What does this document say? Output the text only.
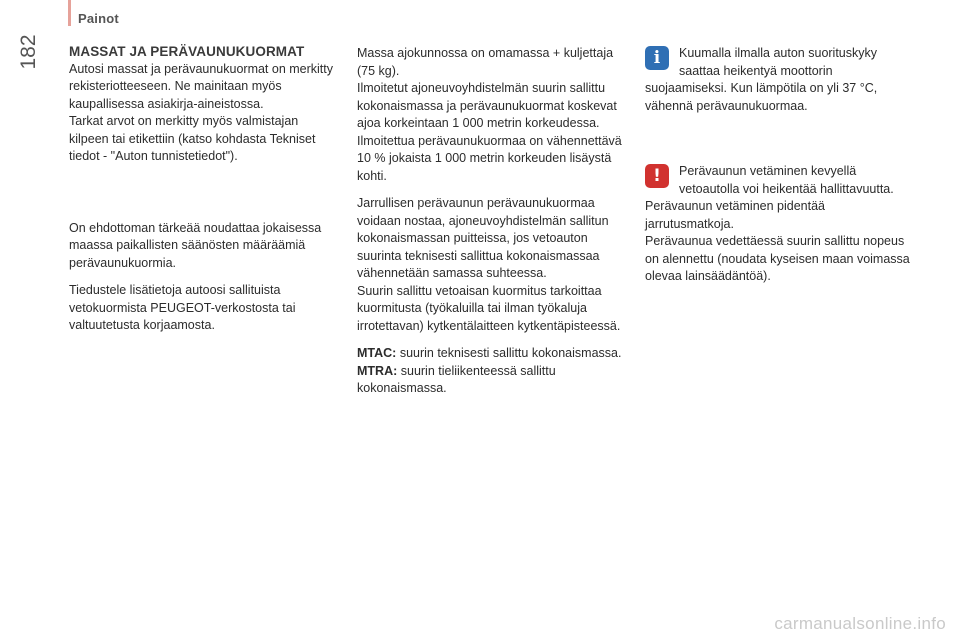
Painot
182 MASSAT JA PERÄVAUNUKUORMAT

Autosi massat ja perävaunukuormat on merkitty rekisteriotteeseen. Ne mainitaan myös kaupallisessa asiakirja-aineistossa.

Tarkat arvot on merkitty myös valmistajan kilpeen tai etikettiin (katso kohdasta Tekniset tiedot - "Auton tunnistetiedot").

On ehdottoman tärkeää noudattaa jokaisessa maassa paikallisten säänösten määräämiä perävaunukuormia.

Tiedustele lisätietoja autoosi sallituista vetokuormista PEUGEOT-verkostosta tai valtuutetusta korjaamosta.

Massa ajokunnossa on omamassa + kuljettaja (75 kg).

Ilmoitetut ajoneuvoyhdistelmän suurin sallittu kokonaismassa ja perävaunukuormat koskevat ajoa korkeintaan 1 000 metrin korkeudessa. Ilmoitettua perävaunukuormaa on vähennettävä 10 % jokaista 1 000 metrin korkeuden lisäystä kohti.

Jarrullisen perävaunun perävaunukuormaa voidaan nostaa, ajoneuvoyhdistelmän sallitun kokonaismassan puitteissa, jos vetoauton suurinta teknisesti sallittua kokonaismassaa vähennetään samassa suhteessa.

Suurin sallittu vetoaisan kuormitus tarkoittaa kuormitusta (työkaluilla tai ilman työkaluja irrotettavan) kytkentälaitteen kytkentäpisteessä.

MTAC: suurin teknisesti sallittu kokonaismassa.

MTRA: suurin tieliikenteessä sallittu kokonaismassa.

i	Kuumalla ilmalla auton suorituskyky saattaa heikentyä moottorin suojaamiseksi. Kun lämpötila on yli 37 °C, vähennä perävaunukuormaa.

!	Perävaunun vetäminen kevyellä vetoautolla voi heikentää hallittavuutta.

Perävaunun vetäminen pidentää jarrutusmatkoja.

Perävaunua vedettäessä suurin sallittu nopeus on alennettu (noudata kyseisen maan voimassa olevaa lainsäädäntöä).

carmanualsonline.info
